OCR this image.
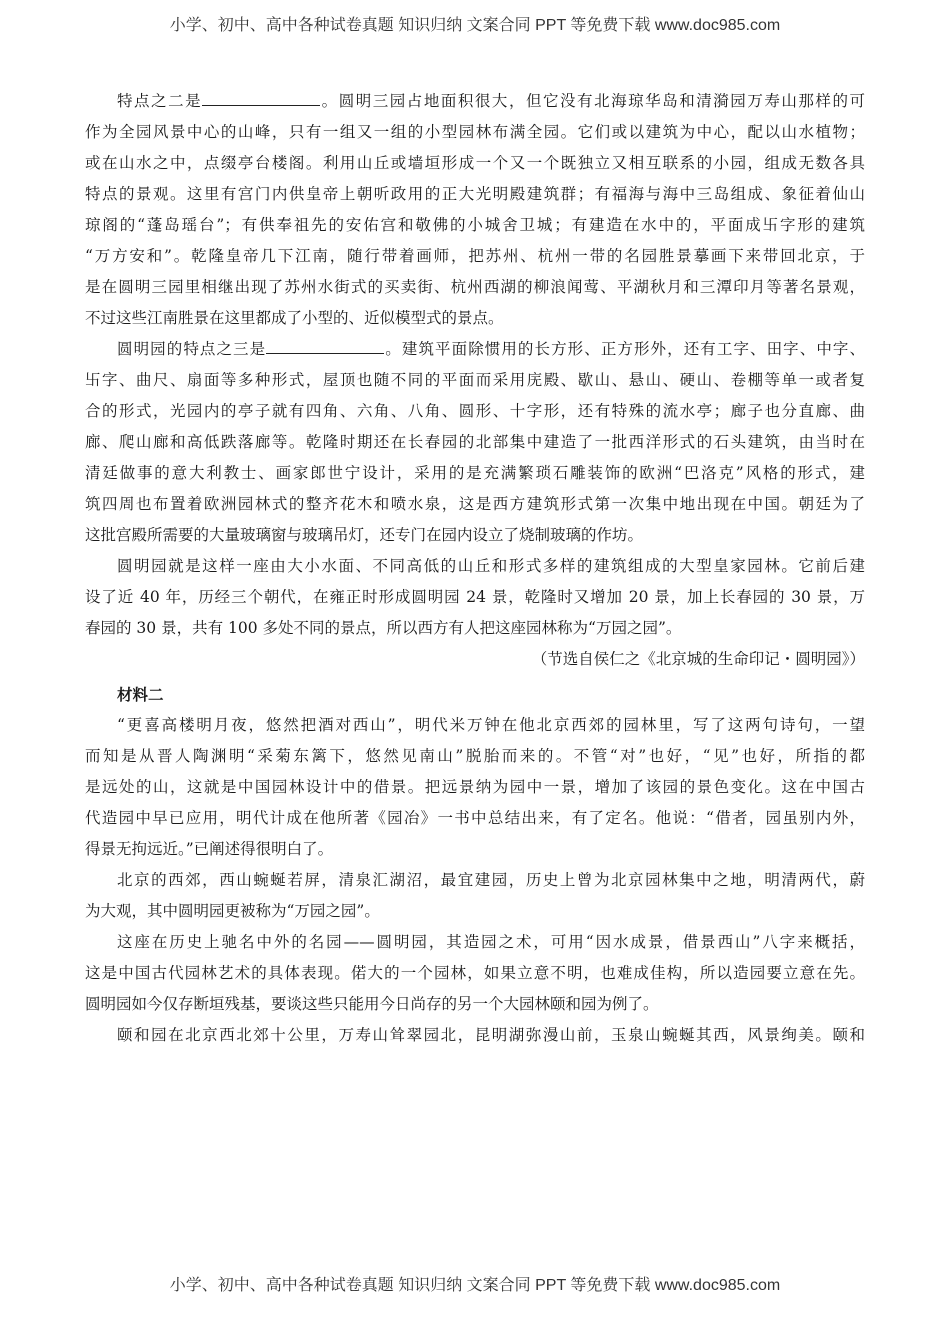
小学、初中、高中各种试卷真题 知识归纳 文案合同 PPT 等免费下载 www.doc985.com
特点之二是	。圆明三园占地面积很大，但它没有北海琼华岛和清漪园万寿山那样的可
作为全园风景中心的山峰，只有一组又一组的小型园林布满全园。它们或以建筑为中心，配以山水植物；
或在山水之中，点缀亭台楼阁。利用山丘或墙垣形成一个又一个既独立又相互联系的小园，组成无数各具
特点的景观。这里有宫门内供皇帝上朝听政用的正大光明殿建筑群；有福海与海中三岛组成、象征着仙山
琼阁的“蓬岛瑶台”；有供奉祖先的安佑宫和敬佛的小城舍卫城；有建造在水中的，平面成卐字形的建筑
“万方安和”。乾隆皇帝几下江南，随行带着画师，把苏州、杭州一带的名园胜景摹画下来带回北京，于
是在圆明三园里相继出现了苏州水街式的买卖街、杭州西湖的柳浪闻莺、平湖秋月和三潭印月等著名景观，
不过这些江南胜景在这里都成了小型的、近似模型式的景点。
圆明园的特点之三是	。建筑平面除惯用的长方形、正方形外，还有工字、田字、中字、
卐字、曲尺、扇面等多种形式，屋顶也随不同的平面而采用庑殿、歇山、悬山、硬山、卷棚等单一或者复
合的形式，光园内的亭子就有四角、六角、八角、圆形、十字形，还有特殊的流水亭；廊子也分直廊、曲
廊、爬山廊和高低跌落廊等。乾隆时期还在长春园的北部集中建造了一批西洋形式的石头建筑，由当时在
清廷做事的意大利教士、画家郎世宁设计，采用的是充满繁琐石雕装饰的欧洲“巴洛克”风格的形式，建
筑四周也布置着欧洲园林式的整齐花木和喷水泉，这是西方建筑形式第一次集中地出现在中国。朝廷为了
这批宫殿所需要的大量玻璃窗与玻璃吊灯，还专门在园内设立了烧制玻璃的作坊。
圆明园就是这样一座由大小水面、不同高低的山丘和形式多样的建筑组成的大型皇家园林。它前后建
设了近 40 年，历经三个朝代，在雍正时形成圆明园 24 景，乾隆时又增加 20 景，加上长春园的 30 景，万
春园的 30 景，共有 100 多处不同的景点，所以西方有人把这座园林称为“万园之园”。
（节选自侯仁之《北京城的生命印记・圆明园》）
材料二
“更喜高楼明月夜，悠然把酒对西山”，明代米万钟在他北京西郊的园林里，写了这两句诗句，一望
而知是从晋人陶渊明“采菊东篱下，悠然见南山”脱胎而来的。不管“对”也好，“见”也好，所指的都
是远处的山，这就是中国园林设计中的借景。把远景纳为园中一景，增加了该园的景色变化。这在中国古
代造园中早已应用，明代计成在他所著《园冶》一书中总结出来，有了定名。他说：“借者，园虽别内外，
得景无拘远近。”已阐述得很明白了。
北京的西郊，西山蜿蜒若屏，清泉汇湖沼，最宜建园，历史上曾为北京园林集中之地，明清两代，蔚
为大观，其中圆明园更被称为“万园之园”。
这座在历史上驰名中外的名园——圆明园，其造园之术，可用“因水成景，借景西山”八字来概括，
这是中国古代园林艺术的具体表现。偌大的一个园林，如果立意不明，也难成佳构，所以造园要立意在先。
圆明园如今仅存断垣残基，要谈这些只能用今日尚存的另一个大园林颐和园为例了。
颐和园在北京西北郊十公里，万寿山耸翠园北，昆明湖弥漫山前，玉泉山蜿蜒其西，风景绚美。颐和
小学、初中、高中各种试卷真题 知识归纳 文案合同 PPT 等免费下载 www.doc985.com
